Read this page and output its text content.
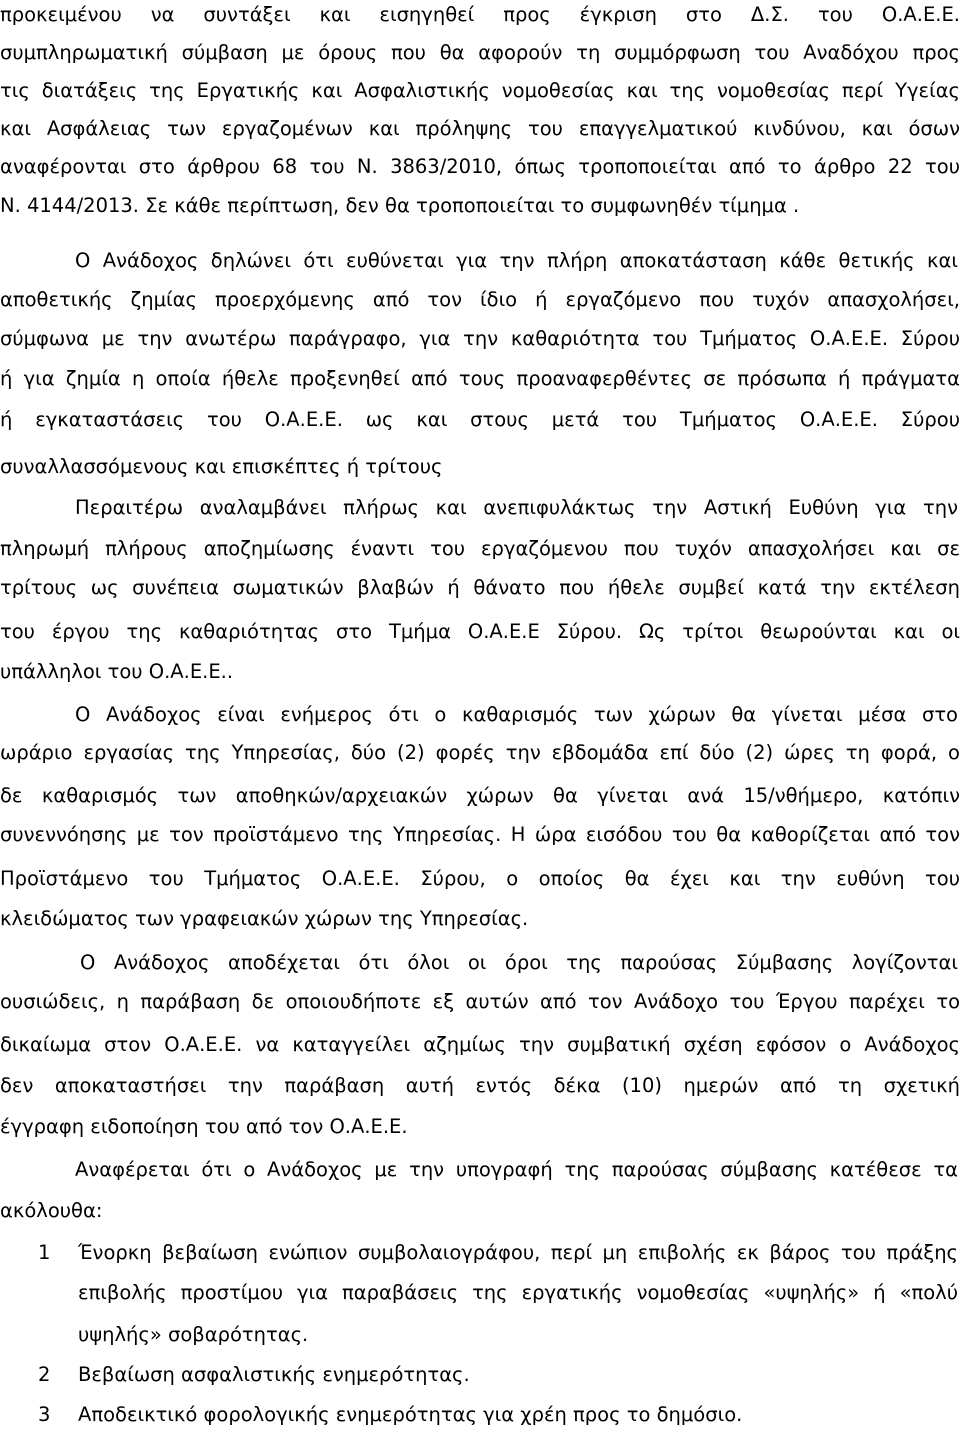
προκειμένου να συντάξει και εισηγηθεί προς έγκριση στο Δ.Σ. του Ο.Α.Ε.Ε.
συμπληρωματική σύμβαση με όρους που θα αφορούν τη συμμόρφωση του Αναδόχου προς
τις διατάξεις της Εργατικής και Ασφαλιστικής νομοθεσίας και της νομοθεσίας περί Υγείας
και Ασφάλειας των εργαζομένων και πρόληψης του επαγγελματικού κινδύνου, και όσων
αναφέρονται στο άρθρου 68 του Ν. 3863/2010, όπως τροποποιείται από το άρθρο 22 του
Ν. 4144/2013. Σε κάθε περίπτωση, δεν θα τροποποιείται το συμφωνηθέν τίμημα .
Ο Ανάδοχος δηλώνει ότι ευθύνεται για την πλήρη αποκατάσταση κάθε θετικής και
αποθετικής ζημίας προερχόμενης από τον ίδιο ή εργαζόμενο που τυχόν απασχολήσει,
σύμφωνα με την ανωτέρω παράγραφο, για την καθαριότητα του Τμήματος Ο.Α.Ε.Ε. Σύρου
ή για ζημία η οποία ήθελε προξενηθεί από τους προαναφερθέντες σε πρόσωπα ή πράγματα
ή εγκαταστάσεις του Ο.Α.Ε.Ε. ως και στους μετά του Τμήματος Ο.Α.Ε.Ε. Σύρου
συναλλασσόμενους και επισκέπτες ή τρίτους
Περαιτέρω αναλαμβάνει πλήρως και ανεπιφυλάκτως την Αστική Ευθύνη για την
πληρωμή πλήρους αποζημίωσης έναντι του εργαζόμενου που τυχόν απασχολήσει και σε
τρίτους ως συνέπεια σωματικών βλαβών ή θάνατο που ήθελε συμβεί κατά την εκτέλεση
του έργου της καθαριότητας στο Τμήμα Ο.Α.Ε.Ε Σύρου. Ως τρίτοι θεωρούνται και οι
υπάλληλοι του Ο.Α.Ε.Ε..
Ο Ανάδοχος είναι ενήμερος ότι ο καθαρισμός των χώρων θα γίνεται μέσα στο
ωράριο εργασίας της Υπηρεσίας, δύο (2) φορές την εβδομάδα επί δύο (2) ώρες τη φορά, ο
δε καθαρισμός των αποθηκών/αρχειακών χώρων θα γίνεται ανά 15/νθήμερο, κατόπιν
συνεννόησης με τον προϊστάμενο της Υπηρεσίας. Η ώρα εισόδου του θα καθορίζεται από τον
Προϊστάμενο του Τμήματος Ο.Α.Ε.Ε. Σύρου, ο οποίος θα έχει και την ευθύνη του
κλειδώματος των γραφειακών χώρων της Υπηρεσίας.
Ο Ανάδοχος αποδέχεται ότι όλοι οι όροι της παρούσας Σύμβασης λογίζονται
ουσιώδεις, η παράβαση δε οποιουδήποτε εξ αυτών από τον Ανάδοχο του Έργου παρέχει το
δικαίωμα στον Ο.Α.Ε.Ε. να καταγγείλει αζημίως την συμβατική σχέση εφόσον ο Ανάδοχος
δεν αποκαταστήσει την παράβαση αυτή εντός δέκα (10) ημερών από τη σχετική
έγγραφη ειδοποίηση του από τον Ο.Α.Ε.Ε.
Αναφέρεται ότι ο Ανάδοχος με την υπογραφή της παρούσας σύμβασης κατέθεσε τα
ακόλουθα:
1	Ένορκη βεβαίωση ενώπιον συμβολαιογράφου, περί μη επιβολής εκ βάρος του πράξης
επιβολής προστίμου για παραβάσεις της εργατικής νομοθεσίας «υψηλής» ή «πολύ
υψηλής» σοβαρότητας.
2	Βεβαίωση ασφαλιστικής ενημερότητας.
3	Αποδεικτικό φορολογικής ενημερότητας για χρέη προς το δημόσιο.
